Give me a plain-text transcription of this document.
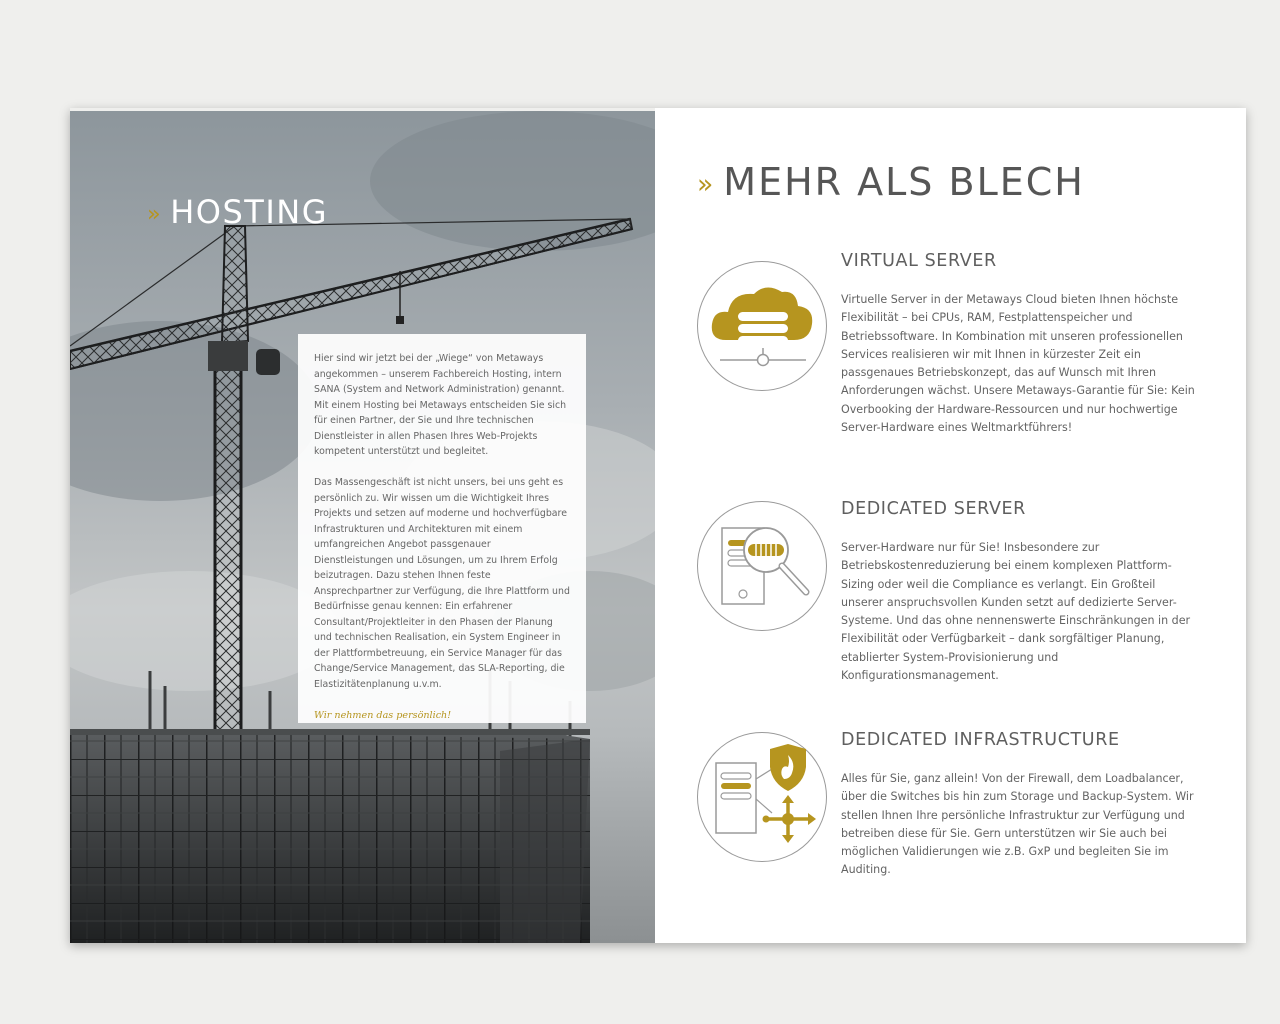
» HOSTING

Hier sind wir jetzt bei der „Wiege“ von Metaways angekommen – unserem Fachbereich Hosting, intern SANA (System and Network Administration) genannt. Mit einem Hosting bei Metaways entscheiden Sie sich für einen Partner, der Sie und Ihre technischen Dienstleister in allen Phasen Ihres Web-Projekts kompetent unterstützt und begleitet.

Das Massengeschäft ist nicht unsers, bei uns geht es persönlich zu. Wir wissen um die Wichtigkeit Ihres Projekts und setzen auf moderne und hochverfügbare Infrastrukturen und Architekturen mit einem umfangreichen Angebot passgenauer Dienstleistungen und Lösungen, um zu Ihrem Erfolg beizutragen. Dazu stehen Ihnen feste Ansprechpartner zur Verfügung, die Ihre Plattform und Bedürfnisse genau kennen: Ein erfahrener Consultant/Projektleiter in den Phasen der Planung und technischen Realisation, ein System Engineer in der Plattformbetreuung, ein Service Manager für das Change/Service Management, das SLA-Reporting, die Elastizitätenplanung u.v.m.

Wir nehmen das persönlich!

» MEHR ALS BLECH
VIRTUAL SERVER

Virtuelle Server in der Metaways Cloud bieten Ihnen höchste Flexibilität – bei CPUs, RAM, Festplattenspeicher und Betriebssoftware. In Kombination mit unseren professionellen Services realisieren wir mit Ihnen in kürzester Zeit ein passgenaues Betriebskonzept, das auf Wunsch mit Ihren Anforderungen wächst. Unsere Metaways-Garantie für Sie: Kein Overbooking der Hardware-Ressourcen und nur hochwertige Server-Hardware eines Weltmarktführers!

DEDICATED SERVER

Server-Hardware nur für Sie! Insbesondere zur Betriebskostenreduzierung bei einem komplexen Plattform-Sizing oder weil die Compliance es verlangt. Ein Großteil unserer anspruchsvollen Kunden setzt auf dedizierte Server-Systeme. Und das ohne nennenswerte Einschränkungen in der Flexibilität oder Verfügbarkeit – dank sorgfältiger Planung, etablierter System-Provisionierung und Konfigurationsmanagement.

DEDICATED INFRASTRUCTURE

Alles für Sie, ganz allein! Von der Firewall, dem Loadbalancer, über die Switches bis hin zum Storage und Backup-System. Wir stellen Ihnen Ihre persönliche Infrastruktur zur Verfügung und betreiben diese für Sie. Gern unterstützen wir Sie auch bei möglichen Validierungen wie z.B. GxP und begleiten Sie im Auditing.
